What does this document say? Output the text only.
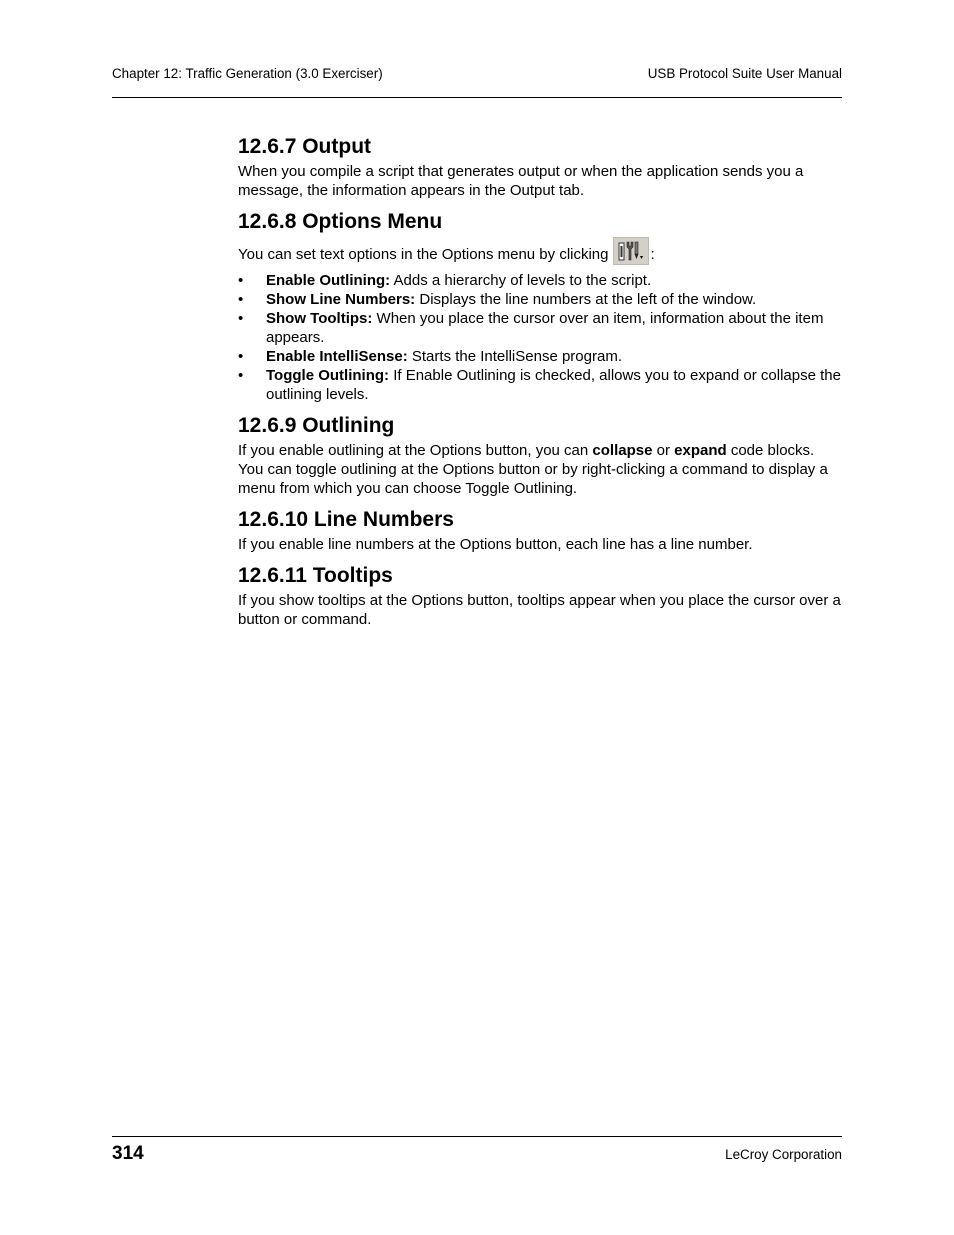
Chapter 12: Traffic Generation (3.0 Exerciser)	USB Protocol Suite User Manual
12.6.7 Output

When you compile a script that generates output or when the application sends you a message, the information appears in the Output tab.

12.6.8 Options Menu

You can set text options in the Options menu by clicking	:

• Enable Outlining: Adds a hierarchy of levels to the script.
• Show Line Numbers: Displays the line numbers at the left of the window.
• Show Tooltips: When you place the cursor over an item, information about the item appears.
• Enable IntelliSense: Starts the IntelliSense program.
• Toggle Outlining: If Enable Outlining is checked, allows you to expand or collapse the outlining levels.
12.6.9 Outlining

If you enable outlining at the Options button, you can collapse or expand code blocks. You can toggle outlining at the Options button or by right-clicking a command to display a menu from which you can choose Toggle Outlining.

12.6.10 Line Numbers

If you enable line numbers at the Options button, each line has a line number.

12.6.11 Tooltips

If you show tooltips at the Options button, tooltips appear when you place the cursor over a button or command.

314	LeCroy Corporation
